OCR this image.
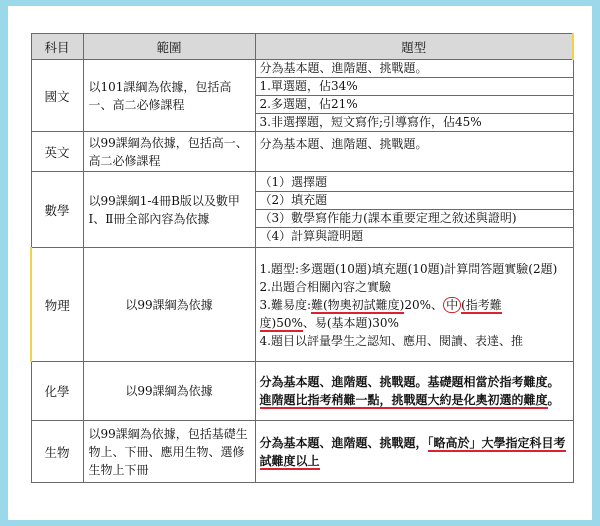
科目	範圍	題型
國文	以101課綱為依據，包括高一、高二必修課程	分為基本題、進階題、挑戰題。
1.單選題，佔34%
2.多選題，佔21%
3.非選擇題，短文寫作;引導寫作，佔45%

英文	以99課綱為依據，包括高一、高二必修課程	分為基本題、進階題、挑戰題。

數學	以99課綱1-4冊B版以及數甲Ⅰ、Ⅱ冊全部內容為依據	（1）選擇題
（2）填充題
（3）數學寫作能力(課本重要定理之敘述與證明)
（4）計算與證明題

物理	以99課綱為依據	1.題型:多選題(10題)填充題(10題)計算問答題實驗(2題)
2.出題合相關內容之實驗
3.難易度:難(物奧初試難度)20%、 中 (指考難
度)50%、易(基本題)30%
4.題目以評量學生之認知、應用、閱讀、表達、推

化學	以99課綱為依據	分為基本題、進階題、挑戰題。基礎題相當於指考難度。進階題比指考稍難一點，挑戰題大約是化奧初選的難度。

生物	以99課綱為依據，包括基礎生物上、下冊、應用生物、選修生物上下冊	分為基本題、進階題、挑戰題，「略高於」大學指定科目考試難度以上
